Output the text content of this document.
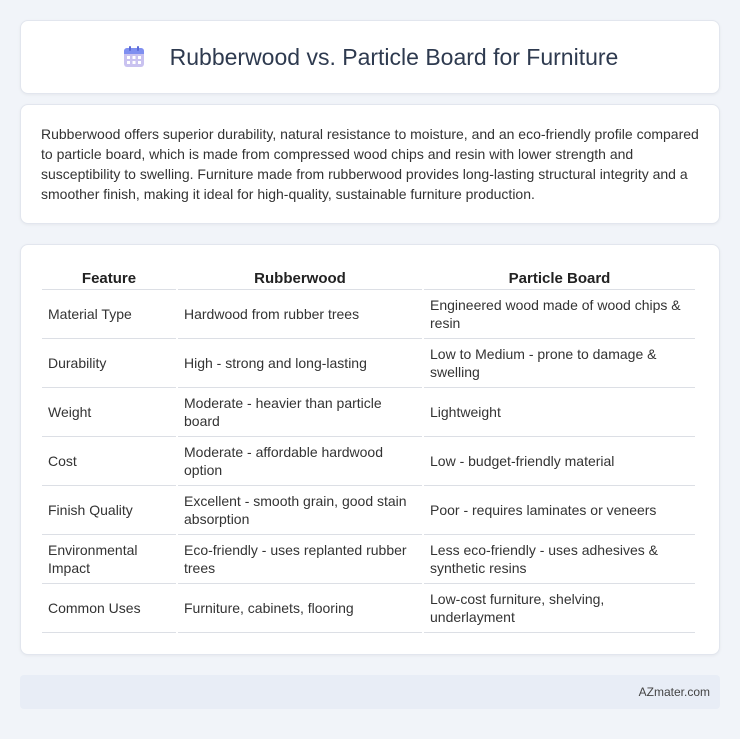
Rubberwood vs. Particle Board for Furniture

Rubberwood offers superior durability, natural resistance to moisture, and an eco-friendly profile compared to particle board, which is made from compressed wood chips and resin with lower strength and susceptibility to swelling. Furniture made from rubberwood provides long-lasting structural integrity and a smoother finish, making it ideal for high-quality, sustainable furniture production.

Feature	Rubberwood	Particle Board
Material Type	Hardwood from rubber trees	Engineered wood made of wood chips & resin
Durability	High - strong and long-lasting	Low to Medium - prone to damage & swelling
Weight	Moderate - heavier than particle board	Lightweight
Cost	Moderate - affordable hardwood option	Low - budget-friendly material
Finish Quality	Excellent - smooth grain, good stain absorption	Poor - requires laminates or veneers
Environmental Impact	Eco-friendly - uses replanted rubber trees	Less eco-friendly - uses adhesives & synthetic resins
Common Uses	Furniture, cabinets, flooring	Low-cost furniture, shelving, underlayment
AZmater.com
